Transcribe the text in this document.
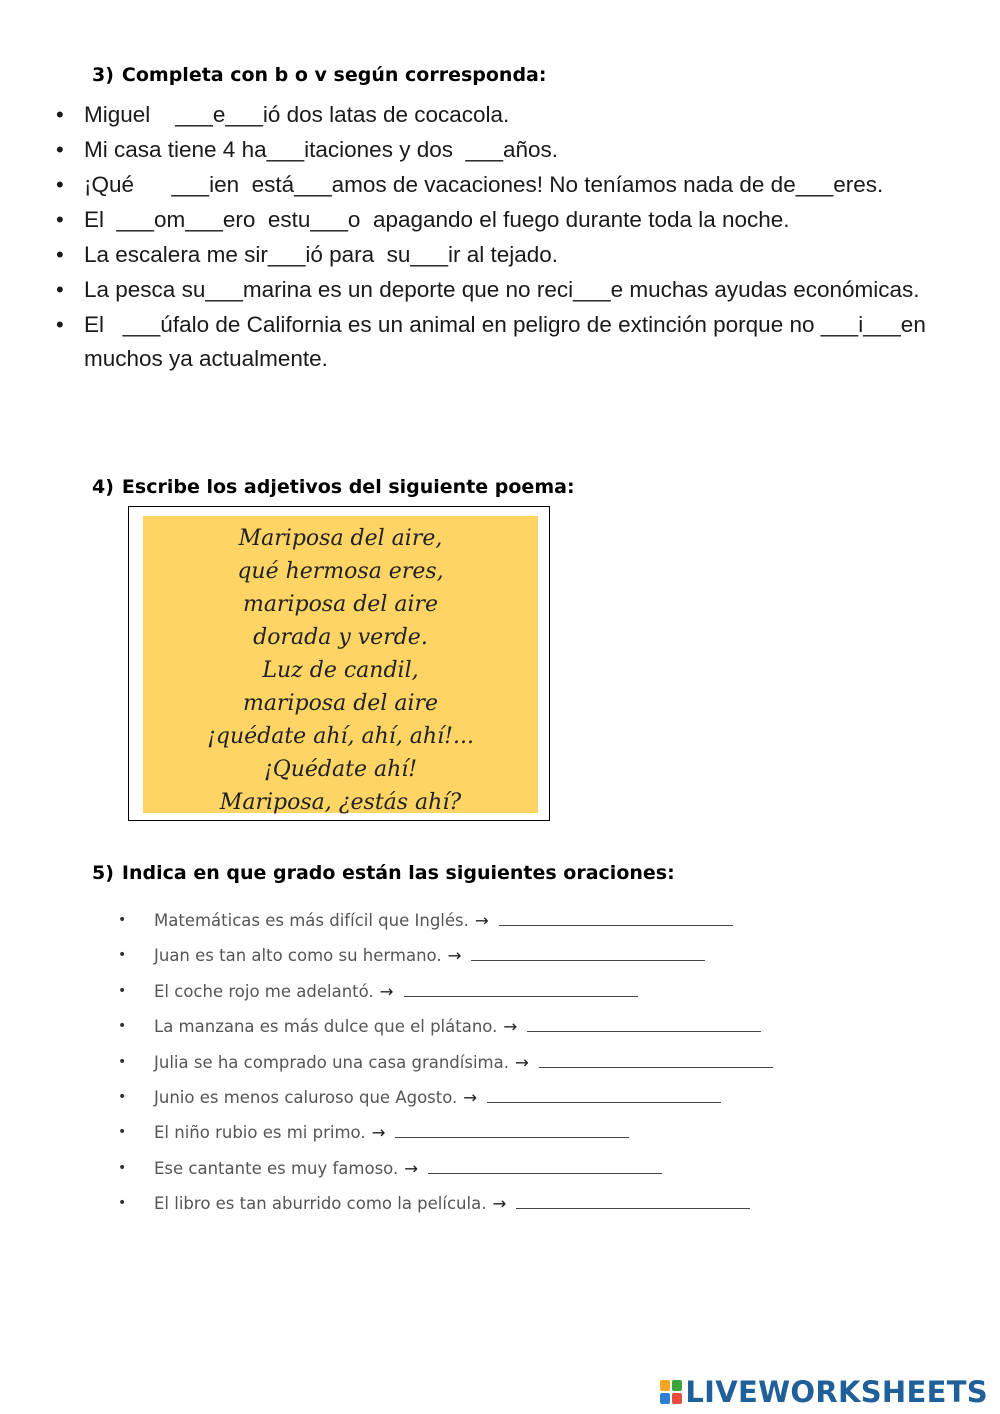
3) Completa con b o v según corresponda:
• Miguel    ___e___ió dos latas de cocacola.
• Mi casa tiene 4 ha___itaciones y dos  ___años.
• ¡Qué      ___ien  está___amos de vacaciones! No teníamos nada de de___eres.
• El  ___om___ero  estu___o  apagando el fuego durante toda la noche.
• La escalera me sir___ió para  su___ir al tejado.
• La pesca su___marina es un deporte que no reci___e muchas ayudas económicas.
• El   ___úfalo de California es un animal en peligro de extinción porque no ___i___en muchos ya actualmente.
4) Escribe los adjetivos del siguiente poema:
Mariposa del aire,
qué hermosa eres,
mariposa del aire
dorada y verde.
Luz de candil,
mariposa del aire
¡quédate ahí, ahí, ahí!...
¡Quédate ahí!
Mariposa, ¿estás ahí?
5) Indica en que grado están las siguientes oraciones:
• Matemáticas es más difícil que Inglés. →
• Juan es tan alto como su hermano. →
• El coche rojo me adelantó. →
• La manzana es más dulce que el plátano. →
• Julia se ha comprado una casa grandísima. →
• Junio es menos caluroso que Agosto. →
• El niño rubio es mi primo. →
• Ese cantante es muy famoso. →
• El libro es tan aburrido como la película. →
LIVEWORKSHEETS
